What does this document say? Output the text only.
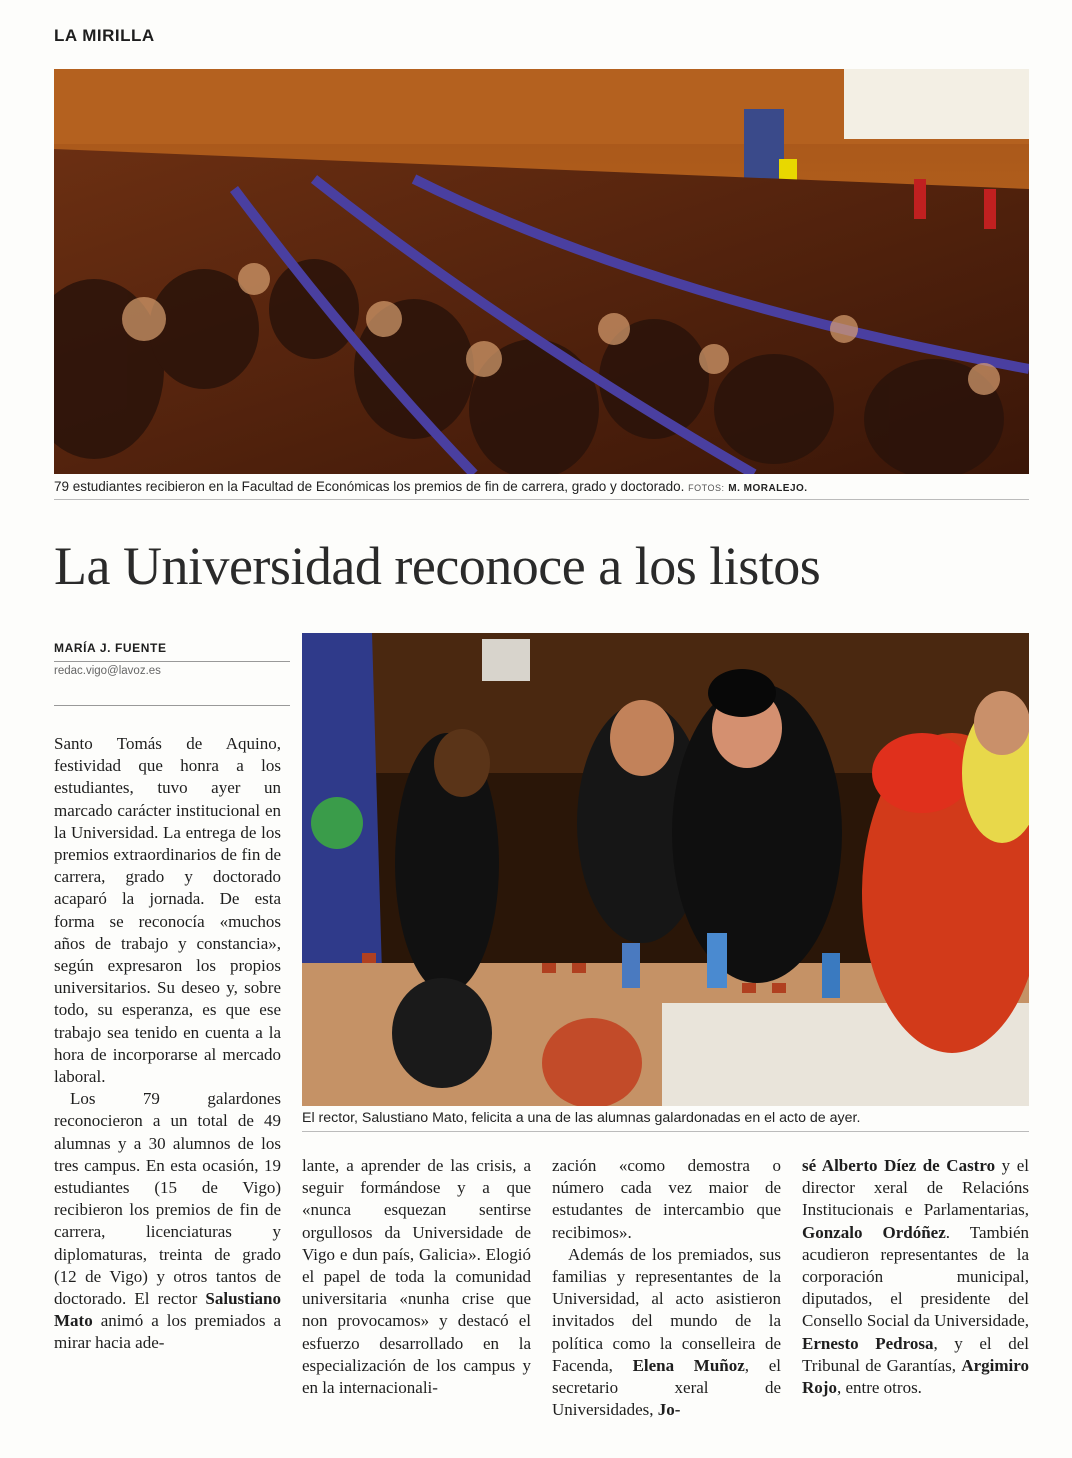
LA MIRILLA
79 estudiantes recibieron en la Facultad de Económicas los premios de fin de carrera, grado y doctorado. FOTOS: M. MORALEJO.
La Universidad reconoce a los listos
MARÍA J. FUENTE
redac.vigo@lavoz.es
El rector, Salustiano Mato, felicita a una de las alumnas galardonadas en el acto de ayer.

Santo Tomás de Aquino, festividad que honra a los estudiantes, tuvo ayer un marcado carácter institucional en la Universidad. La entrega de los premios extraordinarios de fin de carrera, grado y doctorado acaparó la jornada. De esta forma se reconocía «muchos años de trabajo y constancia», según expresaron los propios universitarios. Su deseo y, sobre todo, su esperanza, es que ese trabajo sea tenido en cuenta a la hora de incorporarse al mercado laboral.

Los 79 galardones reconocieron a un total de 49 alumnas y a 30 alumnos de los tres campus. En esta ocasión, 19 estudiantes (15 de Vigo) recibieron los premios de fin de carrera, licenciaturas y diplomaturas, treinta de grado (12 de Vigo) y otros tantos de doctorado. El rector Salustiano Mato animó a los premiados a mirar hacia ade-

lante, a aprender de las crisis, a seguir formándose y a que «nunca esquezan sentirse orgullosos da Universidade de Vigo e dun país, Galicia». Elogió el papel de toda la comunidad universitaria «nunha crise que non provocamos» y destacó el esfuerzo desarrollado en la especialización de los campus y en la internacionali-

zación «como demostra o número cada vez maior de estudantes de intercambio que recibimos».

Además de los premiados, sus familias y representantes de la Universidad, al acto asistieron invitados del mundo de la política como la conselleira de Facenda, Elena Muñoz, el secretario xeral de Universidades, Jo-

sé Alberto Díez de Castro y el director xeral de Relacións Institucionais e Parlamentarias, Gonzalo Ordóñez. También acudieron representantes de la corporación municipal, diputados, el presidente del Consello Social da Universidade, Ernesto Pedrosa, y el del Tribunal de Garantías, Argimiro Rojo, entre otros.
